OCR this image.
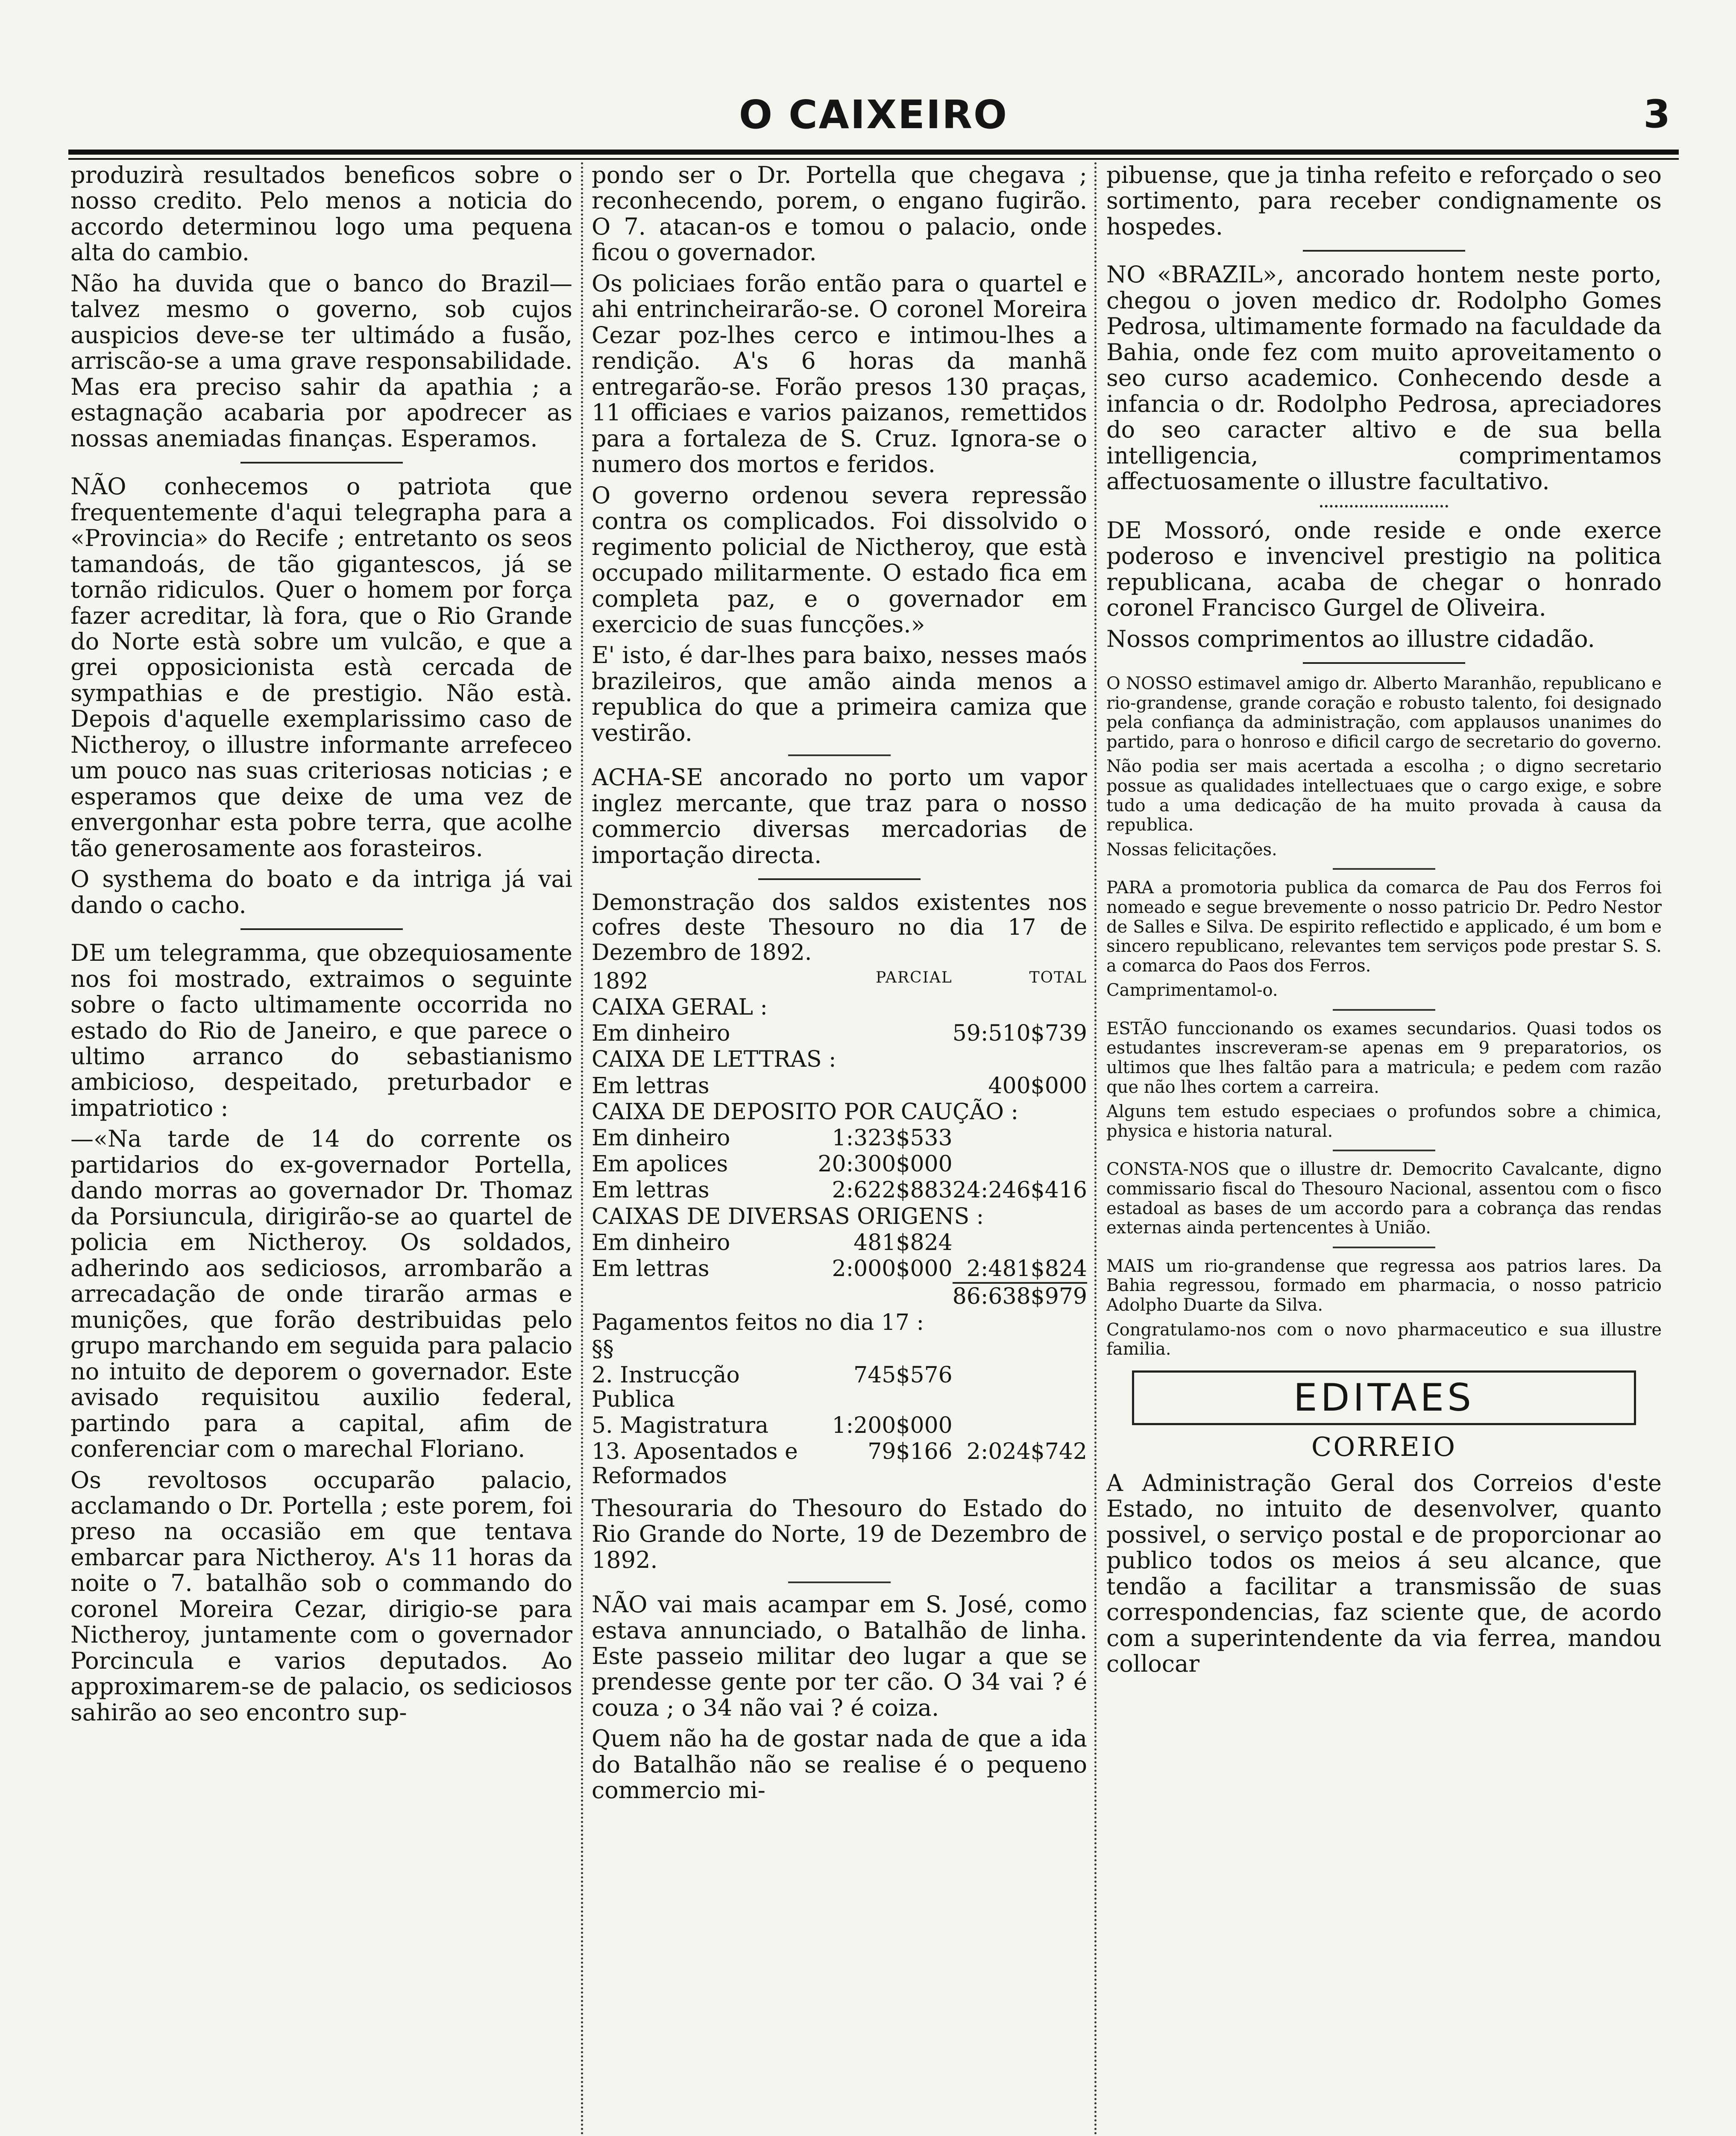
O CAIXEIRO	3

produzirà resultados beneficos sobre o nosso credito. Pelo menos a noticia do accordo determinou logo uma pequena alta do cambio.

Não ha duvida que o banco do Brazil—talvez mesmo o governo, sob cujos auspicios deve-se ter ultimádo a fusão, arriscão-se a uma grave responsabilidade. Mas era preciso sahir da apathia ; a estagnação acabaria por apodrecer as nossas anemiadas finanças. Esperamos.

NÃO conhecemos o patriota que frequentemente d'aqui telegrapha para a «Provincia» do Recife ; entretanto os seos tamandoás, de tão gigantescos, já se tornão ridiculos. Quer o homem por força fazer acreditar, là fora, que o Rio Grande do Norte està sobre um vulcão, e que a grei opposicionista està cercada de sympathias e de prestigio. Não està. Depois d'aquelle exemplarissimo caso de Nictheroy, o illustre informante arrefeceo um pouco nas suas criteriosas noticias ; e esperamos que deixe de uma vez de envergonhar esta pobre terra, que acolhe tão generosamente aos forasteiros.

O systhema do boato e da intriga já vai dando o cacho.

DE um telegramma, que obzequiosamente nos foi mostrado, extraimos o seguinte sobre o facto ultimamente occorrida no estado do Rio de Janeiro, e que parece o ultimo arranco do sebastianismo ambicioso, despeitado, preturbador e impatriotico :

—«Na tarde de 14 do corrente os partidarios do ex-governador Portella, dando morras ao governador Dr. Thomaz da Porsiuncula, dirigirão-se ao quartel de policia em Nictheroy. Os soldados, adherindo aos sediciosos, arrombarão a arrecadação de onde tirarão armas e munições, que forão destribuidas pelo grupo marchando em seguida para palacio no intuito de deporem o governador. Este avisado requisitou auxilio federal, partindo para a capital, afim de conferenciar com o marechal Floriano.

Os revoltosos occuparão palacio, acclamando o Dr. Portella ; este porem, foi preso na occasião em que tentava embarcar para Nictheroy. A's 11 horas da noite o 7. batalhão sob o commando do coronel Moreira Cezar, dirigio-se para Nictheroy, juntamente com o governador Porcincula e varios deputados. Ao approximarem-se de palacio, os sediciosos sahirão ao seo encontro sup-

pondo ser o Dr. Portella que chegava ; reconhecendo, porem, o engano fugirão. O 7. atacan-os e tomou o palacio, onde ficou o governador.

Os policiaes forão então para o quartel e ahi entrincheirarão-se. O coronel Moreira Cezar poz-lhes cerco e intimou-lhes a rendição. A's 6 horas da manhã entregarão-se. Forão presos 130 praças, 11 officiaes e varios paizanos, remettidos para a fortaleza de S. Cruz. Ignora-se o numero dos mortos e feridos.

O governo ordenou severa repressão contra os complicados. Foi dissolvido o regimento policial de Nictheroy, que està occupado militarmente. O estado fica em completa paz, e o governador em exercicio de suas funcções.»

E' isto, é dar-lhes para baixo, nesses maós brazileiros, que amão ainda menos a republica do que a primeira camiza que vestirão.

ACHA-SE ancorado no porto um vapor inglez mercante, que traz para o nosso commercio diversas mercadorias de importação directa.

Demonstração dos saldos existentes nos cofres deste Thesouro no dia 17 de Dezembro de 1892.

1892	PARCIAL	TOTAL
CAIXA GERAL :		
Em dinheiro		59:510$739
CAIXA DE LETTRAS :		
Em lettras		400$000
CAIXA DE DEPOSITO POR CAUÇÃO :		
Em dinheiro	1:323$533	
Em apolices	20:300$000	
Em lettras	2:622$883	24:246$416
CAIXAS DE DIVERSAS ORIGENS :		
Em dinheiro	481$824	
Em lettras	2:000$000	2:481$824
		86:638$979
Pagamentos feitos no dia 17 :		
§§		
2. Instrucção Publica	745$576	
5. Magistratura	1:200$000	
13. Aposentados e Reformados	79$166	2:024$742

Thesouraria do Thesouro do Estado do Rio Grande do Norte, 19 de Dezembro de 1892.

NÃO vai mais acampar em S. José, como estava annunciado, o Batalhão de linha. Este passeio militar deo lugar a que se prendesse gente por ter cão. O 34 vai ? é couza ; o 34 não vai ? é coiza.

Quem não ha de gostar nada de que a ida do Batalhão não se realise é o pequeno commercio mi-

pibuense, que ja tinha refeito e reforçado o seo sortimento, para receber condignamente os hospedes.

NO «BRAZIL», ancorado hontem neste porto, chegou o joven medico dr. Rodolpho Gomes Pedrosa, ultimamente formado na faculdade da Bahia, onde fez com muito aproveitamento o seo curso academico. Conhecendo desde a infancia o dr. Rodolpho Pedrosa, apreciadores do seo caracter altivo e de sua bella intelligencia, comprimentamos affectuosamente o illustre facultativo.

DE Mossoró, onde reside e onde exerce poderoso e invencivel prestigio na politica republicana, acaba de chegar o honrado coronel Francisco Gurgel de Oliveira.

Nossos comprimentos ao illustre cidadão.

O NOSSO estimavel amigo dr. Alberto Maranhão, republicano e rio-grandense, grande coração e robusto talento, foi designado pela confiança da administração, com applausos unanimes do partido, para o honroso e dificil cargo de secretario do governo.

Não podia ser mais acertada a escolha ; o digno secretario possue as qualidades intellectuaes que o cargo exige, e sobre tudo a uma dedicação de ha muito provada à causa da republica.

Nossas felicitações.

PARA a promotoria publica da comarca de Pau dos Ferros foi nomeado e segue brevemente o nosso patricio Dr. Pedro Nestor de Salles e Silva. De espirito reflectido e applicado, é um bom e sincero republicano, relevantes tem serviços pode prestar S. S. a comarca do Paos dos Ferros.

Camprimentamol-o.

ESTÃO funccionando os exames secundarios. Quasi todos os estudantes inscreveram-se apenas em 9 preparatorios, os ultimos que lhes faltão para a matricula; e pedem com razão que não lhes cortem a carreira.

Alguns tem estudo especiaes o profundos sobre a chimica, physica e historia natural.

CONSTA-NOS que o illustre dr. Democrito Cavalcante, digno commissario fiscal do Thesouro Nacional, assentou com o fisco estadoal as bases de um accordo para a cobrança das rendas externas ainda pertencentes à União.

MAIS um rio-grandense que regressa aos patrios lares. Da Bahia regressou, formado em pharmacia, o nosso patricio Adolpho Duarte da Silva.

Congratulamo-nos com o novo pharmaceutico e sua illustre familia.

EDITAES
CORREIO

A Administração Geral dos Correios d'este Estado, no intuito de desenvolver, quanto possivel, o serviço postal e de proporcionar ao publico todos os meios á seu alcance, que tendão a facilitar a transmissão de suas correspondencias, faz sciente que, de acordo com a superintendente da via ferrea, mandou collocar
